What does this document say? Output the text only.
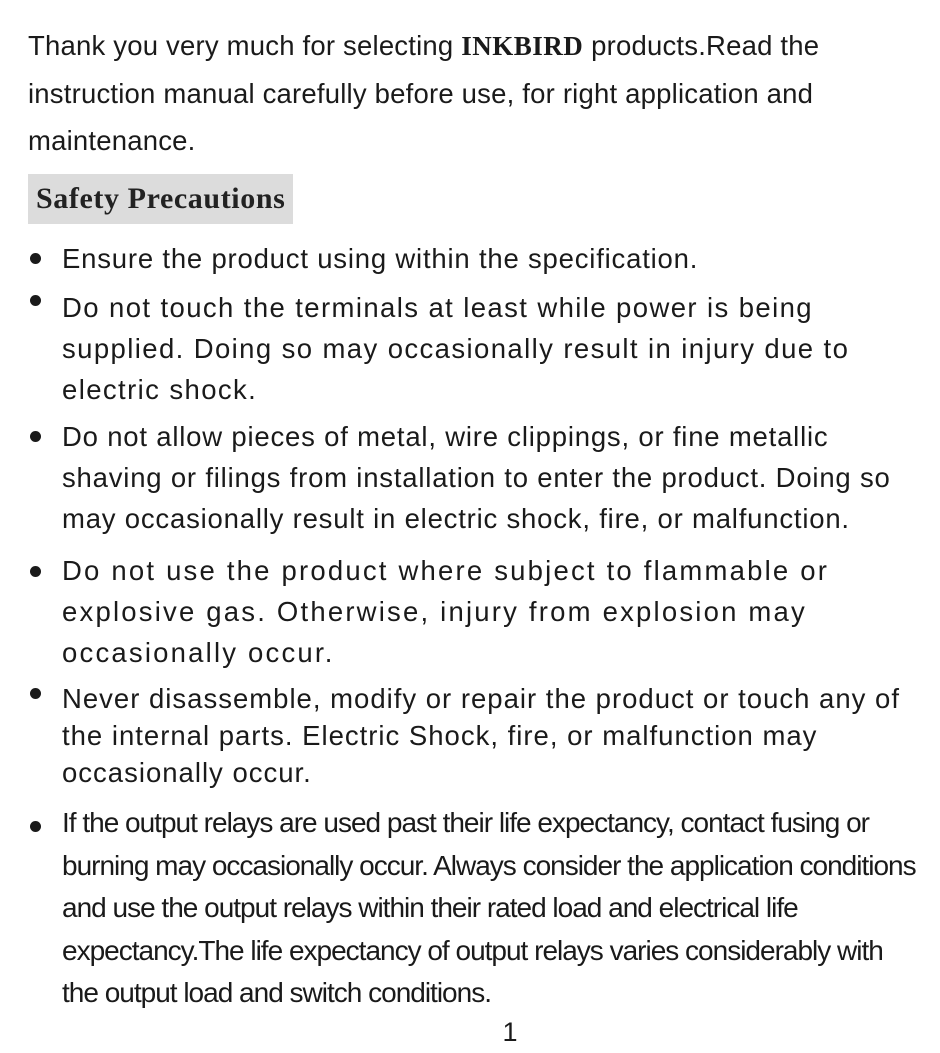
Thank you very much for selecting INKBIRD products.Read the instruction manual carefully before use, for right application and maintenance.

Safety Precautions
Ensure the product using within the specification.
Do not touch the terminals at least while power is being supplied. Doing so may occasionally result in injury due to electric shock.
Do not allow pieces of metal, wire clippings, or fine metallic shaving or filings from installation to enter the product. Doing so may occasionally result in electric shock, fire, or malfunction.
Do not use the product where subject to flammable or explosive gas. Otherwise, injury from explosion may occasionally occur.
Never disassemble, modify or repair the product or touch any of the internal parts. Electric Shock, fire, or malfunction may occasionally occur.
If the output relays are used past their life expectancy, contact fusing or burning may occasionally occur. Always consider the application conditions and use the output relays within their rated load and electrical life expectancy.The life expectancy of output relays varies considerably with the output load and switch conditions.
1
